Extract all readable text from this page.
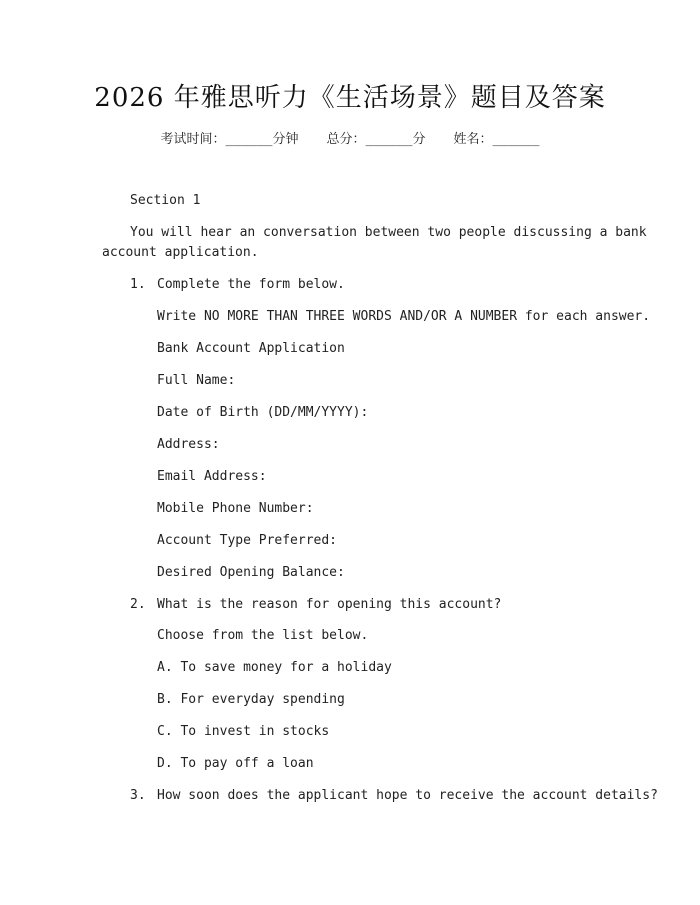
2026 年雅思听力《生活场景》题目及答案
考试时间：______分钟 总分：______分 姓名：______
Section 1
You will hear an conversation between two people discussing a bank
account application.
1. Complete the form below.
Write NO MORE THAN THREE WORDS AND/OR A NUMBER for each answer.
Bank Account Application
Full Name:
Date of Birth (DD/MM/YYYY):
Address:
Email Address:
Mobile Phone Number:
Account Type Preferred:
Desired Opening Balance:
2. What is the reason for opening this account?
Choose from the list below.
A. To save money for a holiday
B. For everyday spending
C. To invest in stocks
D. To pay off a loan
3. How soon does the applicant hope to receive the account details?
